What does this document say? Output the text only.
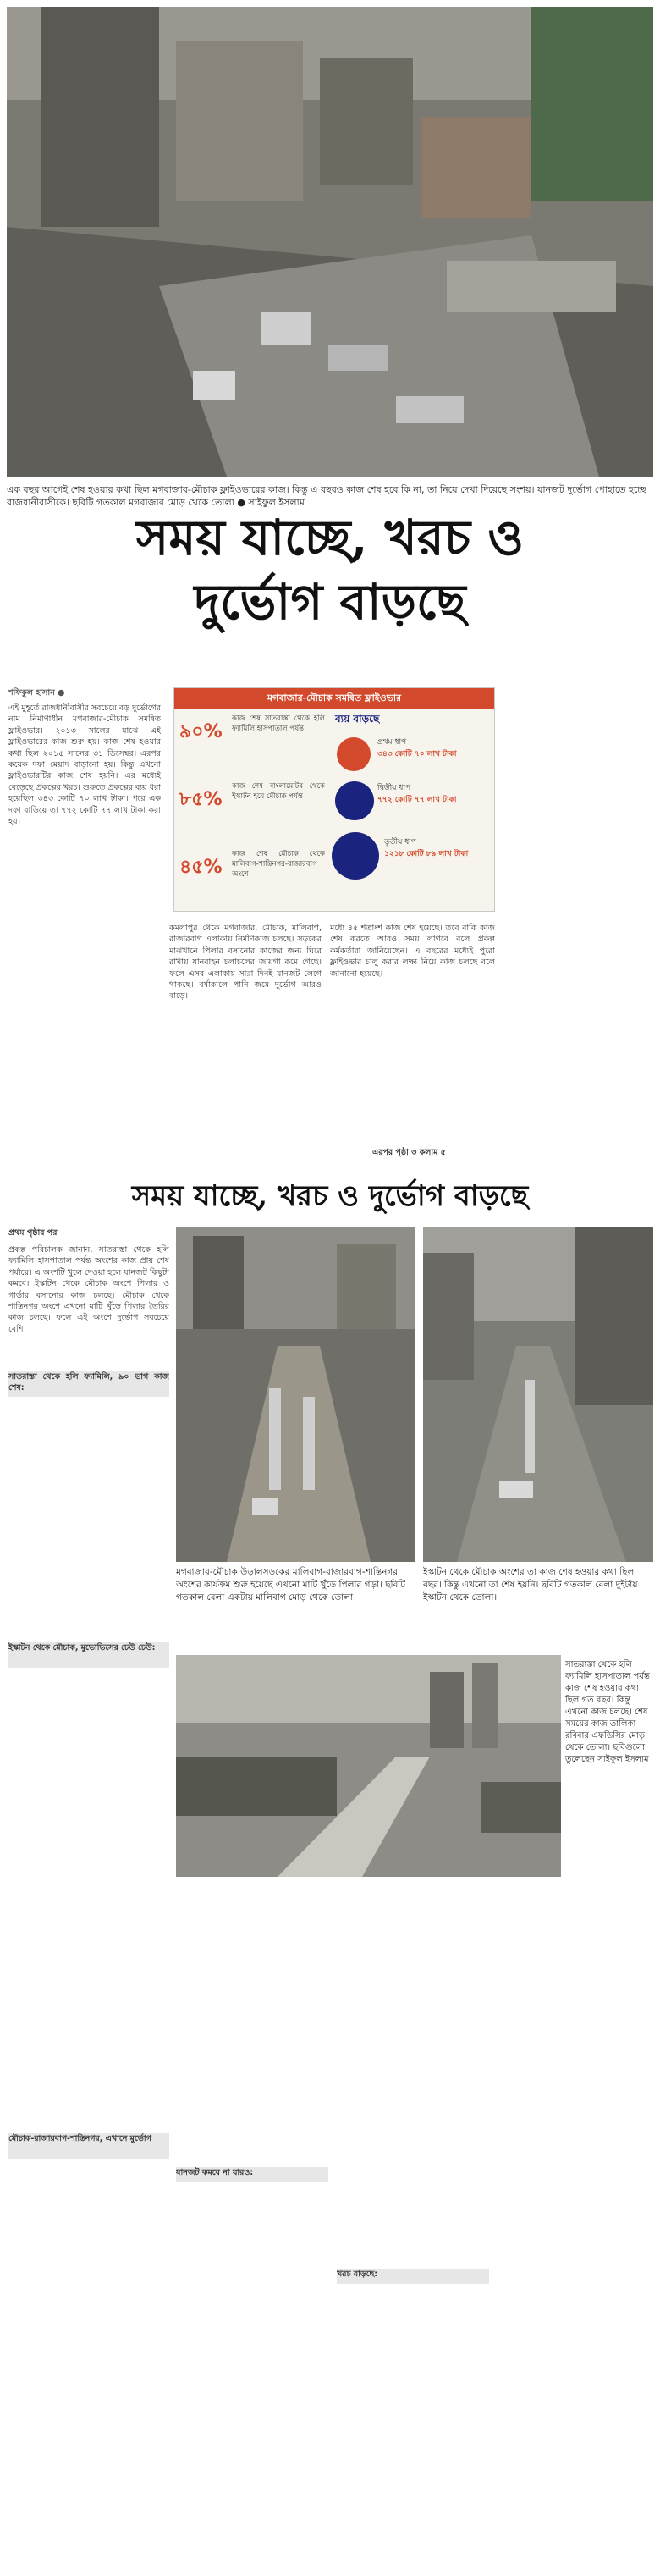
এক বছর আগেই শেষ হওয়ার কথা ছিল মগবাজার-মৌচাক ফ্লাইওভারের কাজ। কিন্তু এ বছরও কাজ শেষ হবে কি না, তা নিয়ে দেখা দিয়েছে সংশয়। যানজট দুর্ভোগ পোহাতে হচ্ছে রাজধানীবাসীকে। ছবিটি গতকাল মগবাজার মোড় থেকে তোলা ● সাইফুল ইসলাম
সময় যাচ্ছে, খরচ ও
দুর্ভোগ বাড়ছে
মগবাজার-মৌচাক সমন্বিত ফ্লাইওভার
৯০%
কাজ শেষ সাতরাস্তা থেকে হলি ফ্যামিলি হাসপাতাল পর্যন্ত
৮৫%
কাজ শেষ বাংলামোটর থেকে ইস্কাটন হয়ে মৌচাক পর্যন্ত
৪৫%
কাজ শেষ মৌচাক থেকে মালিবাগ-শান্তিনগর-রাজারবাগ অংশে
ব্যয় বাড়ছে
প্রথম ধাপ
৩৪৩ কোটি ৭০ লাখ টাকা
দ্বিতীয় ধাপ
৭৭২ কোটি ৭৭ লাখ টাকা
তৃতীয় ধাপ
১২১৮ কোটি ৮৯ লাখ টাকা
শফিকুল হাসান ●
এই মুহূর্তে রাজধানীবাসীর সবচেয়ে বড় দুর্ভোগের নাম নির্মাণাধীন মগবাজার-মৌচাক সমন্বিত ফ্লাইওভার। ২০১৩ সালের মাঝে এই ফ্লাইওভারের কাজ শুরু হয়। কাজ শেষ হওয়ার কথা ছিল ২০১৫ সালের ৩১ ডিসেম্বর। এরপর কয়েক দফা মেয়াদ বাড়ানো হয়। কিন্তু এখনো ফ্লাইওভারটির কাজ শেষ হয়নি। এর মধ্যেই বেড়েছে প্রকল্পের খরচ। শুরুতে প্রকল্পের ব্যয় ধরা হয়েছিল ৩৪৩ কোটি ৭০ লাখ টাকা। পরে এক দফা বাড়িয়ে তা ৭৭২ কোটি ৭৭ লাখ টাকা করা হয়।
কমলাপুর থেকে মগবাজার, মৌচাক, মালিবাগ, রাজারবাগ এলাকায় নির্মাণকাজ চলছে। সড়কের মাঝখানে পিলার বসানোর কাজের জন্য ঘিরে রাখায় যানবাহন চলাচলের জায়গা কমে গেছে। ফলে এসব এলাকায় সারা দিনই যানজট লেগে থাকছে। বর্ষাকালে পানি জমে দুর্ভোগ আরও বাড়ে।
মধ্যে ৪৫ শতাংশ কাজ শেষ হয়েছে। তবে বাকি কাজ শেষ করতে আরও সময় লাগবে বলে প্রকল্প কর্মকর্তারা জানিয়েছেন। এ বছরের মধ্যেই পুরো ফ্লাইওভার চালু করার লক্ষ্য নিয়ে কাজ চলছে বলে জানানো হয়েছে।
এরপর পৃষ্ঠা ৩ কলাম ৫
সময় যাচ্ছে, খরচ ও দুর্ভোগ বাড়ছে
প্রথম পৃষ্ঠার পর
সাতরাস্তা থেকে হলি ফ্যামিলি, ৯০ ভাগ কাজ শেষ:
প্রকল্প পরিচালক জানান, সাতরাস্তা থেকে হলি ফ্যামিলি হাসপাতাল পর্যন্ত অংশের কাজ প্রায় শেষ পর্যায়ে। এ অংশটি খুলে দেওয়া হলে যানজট কিছুটা কমবে। ইস্কাটন থেকে মৌচাক অংশে পিলার ও গার্ডার বসানোর কাজ চলছে। মৌচাক থেকে শান্তিনগর অংশে এখনো মাটি খুঁড়ে পিলার তৈরির কাজ চলছে। ফলে এই অংশে দুর্ভোগ সবচেয়ে বেশি।
ইস্কাটন থেকে মৌচাক, মুভোভিসের ঢেউ ঢেউ:
মৌচাক-রাজারবাগ-শান্তিনগর, এখানে মুর্ভোগ
মগবাজার-মৌচাক উড়ালসড়কের মালিবাগ-রাজারবাগ-শান্তিনগর অংশের কার্যক্রম শুরু হয়েছে এখনো মাটি খুঁড়ে পিলার গড়া। ছবিটি গতকাল বেলা একটায় মালিবাগ মোড় থেকে তোলা
ইস্কাটন থেকে মৌচাক অংশের তা কাজ শেষ হওয়ার কথা ছিল বছর। কিন্তু এখনো তা শেষ হয়নি। ছবিটি গতকাল বেলা দুইটায় ইস্কাটন থেকে তোলা।
সাতরাস্তা থেকে হলি ফ্যামিলি হাসপাতাল পর্যন্ত কাজ শেষ হওয়ার কথা ছিল গত বছর। কিন্তু এখনো কাজ চলছে। শেষ সময়ের কাজ তালিকা রবিবার এফডিসির মোড় থেকে তোলা। ছবিগুলো তুলেছেন সাইফুল ইসলাম
যানজট কমবে না যারও:
খরচ বাড়ছে:
